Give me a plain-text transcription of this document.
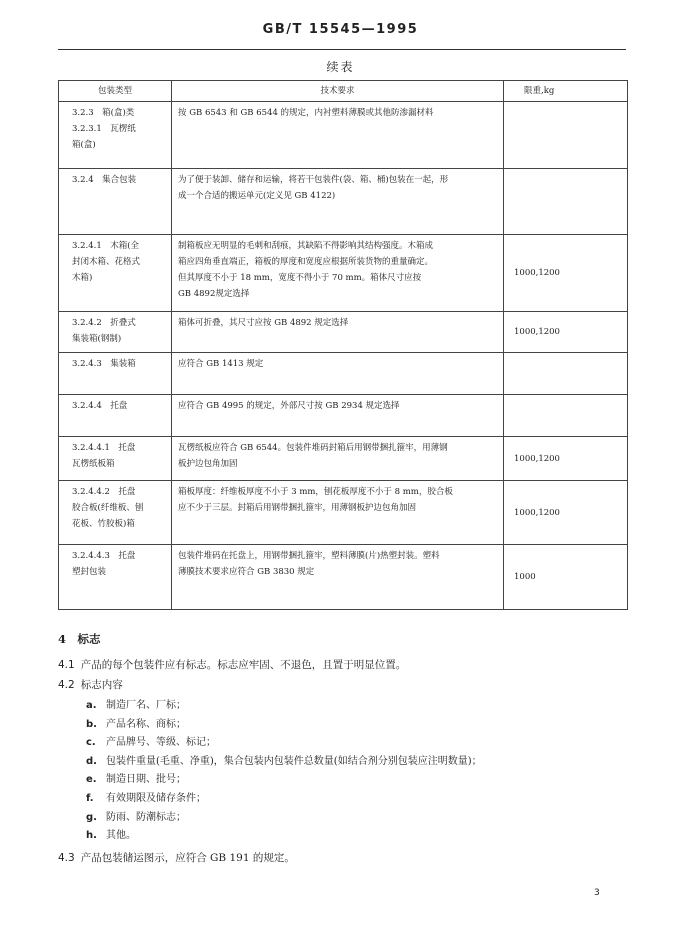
GB/T 15545—1995
续表
包装类型	技术要求	限重,kg
3.2.3　箱(盒)类
3.2.3.1　瓦楞纸
箱(盒)	按 GB 6543 和 GB 6544 的规定，内衬塑料薄膜或其他防渗漏材料	
3.2.4　集合包装	为了便于装卸、储存和运输，将若干包装件(袋、箱、桶)包装在一起，形
成一个合适的搬运单元(定义见 GB 4122)	
3.2.4.1　木箱(全
封闭木箱、花格式
木箱)	制箱板应无明显的毛刺和刮痕，其缺陷不得影响其结构强度。木箱成
箱应四角垂直端正，箱板的厚度和宽度应根据所装货物的重量确定。
但其厚度不小于 18 mm，宽度不得小于 70 mm。箱体尺寸应按
GB 4892规定选择	1000,1200
3.2.4.2　折叠式
集装箱(钢制)	箱体可折叠，其尺寸应按 GB 4892 规定选择	1000,1200
3.2.4.3　集装箱	应符合 GB 1413 规定	
3.2.4.4　托盘	应符合 GB 4995 的规定，外部尺寸按 GB 2934 规定选择	
3.2.4.4.1　托盘
瓦楞纸板箱	瓦楞纸板应符合 GB 6544。包装件堆码封箱后用钢带捆扎箍牢，用薄钢
板护边包角加固	1000,1200
3.2.4.4.2　托盘
胶合板(纤维板、刨
花板、竹胶板)箱	箱板厚度：纤维板厚度不小于 3 mm，刨花板厚度不小于 8 mm，胶合板
应不少于三层。封箱后用钢带捆扎箍牢，用薄钢板护边包角加固	1000,1200
3.2.4.4.3　托盘
塑封包装	包装件堆码在托盘上，用钢带捆扎箍牢，塑料薄膜(片)热塑封装。塑料
薄膜技术要求应符合 GB 3830 规定	1000
4　标志
4.1 产品的每个包装件应有标志。标志应牢固、不退色，且置于明显位置。
4.2 标志内容
a. 制造厂名、厂标；
b. 产品名称、商标；
c. 产品牌号、等级、标记；
d. 包装件重量(毛重、净重)，集合包装内包装件总数量(如结合剂分别包装应注明数量)；
e. 制造日期、批号；
f. 有效期限及储存条件；
g. 防雨、防潮标志；
h. 其他。
4.3 产品包装储运图示，应符合 GB 191 的规定。
3
